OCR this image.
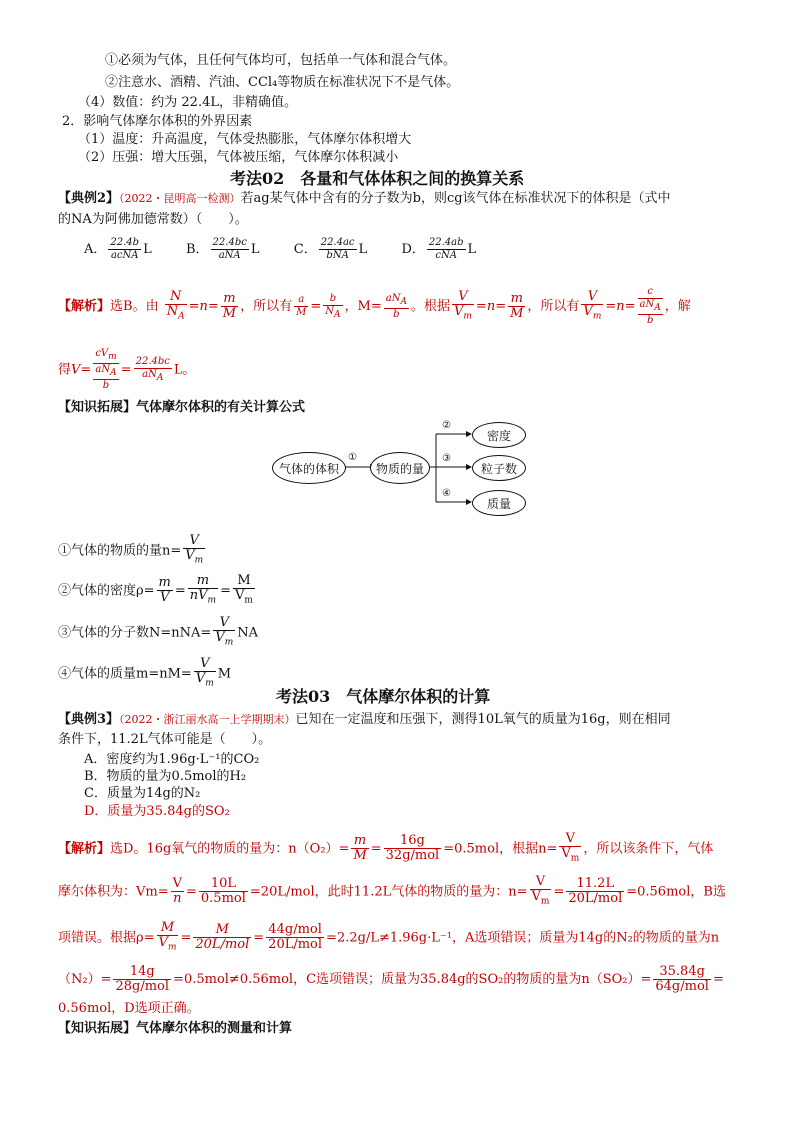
①必须为气体，且任何气体均可，包括单一气体和混合气体。
②注意水、酒精、汽油、CCl₄等物质在标准状况下不是气体。
（4）数值：约为 22.4L，非精确值。
2．影响气体摩尔体积的外界因素
（1）温度：升高温度，气体受热膨胀，气体摩尔体积增大
（2）压强：增大压强，气体被压缩，气体摩尔体积减小
考法02　各量和气体体积之间的换算关系
【典例2】（2022・昆明高一检测）若ag某气体中含有的分子数为b，则cg该气体在标准状况下的体积是（式中
的NA为阿佛加德常数）（　　）。
A． $\frac{22.4b}{\text{acNA}}$ L	B． $\frac{22.4bc}{\text{aNA}}$ L	C． $\frac{22.4ac}{\text{bNA}}$ L	D． $\frac{22.4ab}{\text{cNA}}$ L
【解析】选B。由 $\frac{N}{N_A} =n= \frac{m}{M}$ ，所以有 $\frac{a}{M} = \frac{b}{N_A}$ ，$M= \frac{aN_A}{b}$ 。根据 $\frac{V}{V_m} =n= \frac{m}{M}$ ，所以有 $\frac{V}{V_m} =n=$
c
$aN_A$
b
，解
得V=
$cV_m$
$aN_A$
b
= $\frac{22.4bc}{aN_A}$ L。
【知识拓展】气体摩尔体积的有关计算公式
气体的体积	物质的量
密度
粒子数
质量
①
②
③
④
①气体的物质的量$n= \frac{V}{V_m}$
②气体的密度$\rho= \frac{m}{V} = \frac{m}{nV_m} = \frac{M}{V_m}$
③气体的分子数$N=nNA= \frac{V}{V_m}$ NA
④气体的质量$m=nM= \frac{V}{V_m}$ M
考法03　气体摩尔体积的计算
【典例3】（2022・浙江丽水高一上学期期末）已知在一定温度和压强下，测得10L氧气的质量为16g，则在相同
条件下，11.2L气体可能是（　　）。
A．密度约为1.96g·L⁻¹的CO₂
B．物质的量为0.5mol的H₂
C．质量为14g的N₂
D．质量为35.84g的SO₂
【解析】选D。16g氧气的物质的量为：$n(O_2)= \frac{m}{M} = \frac{16g}{\text{32g/mol}} =0.5mol$，根据$n= \frac{V}{V_m}$ ，所以该条件下，气体
摩尔体积为：$Vm= \frac{V}{n} = \frac{10L}{\text{0.5mol}} =20L/mol$，此时11.2L气体的物质的量为：$n= \frac{V}{V_m} = \frac{11.2L}{\text{20L/mol}} =0.56mol$，B选
项错误。根据$\rho= \frac{M}{V_m} = \frac{M}{\text{20L/mol}} = \frac{\text{44g/mol}}{\text{20L/mol}} =2.2g/L\ne 1.96g\cdot L^{-1}$，A选项错误；质量为14g的N₂的物质的量为n
$(N_2)= \frac{14g}{\text{28g/mol}} =0.5mol\ne 0.56mol$，C选项错误；质量为35.84g的SO₂的物质的量为$n(SO_2)= \frac{35.84g}{\text{64g/mol}}$ =
0.56mol，D选项正确。
【知识拓展】气体摩尔体积的测量和计算
